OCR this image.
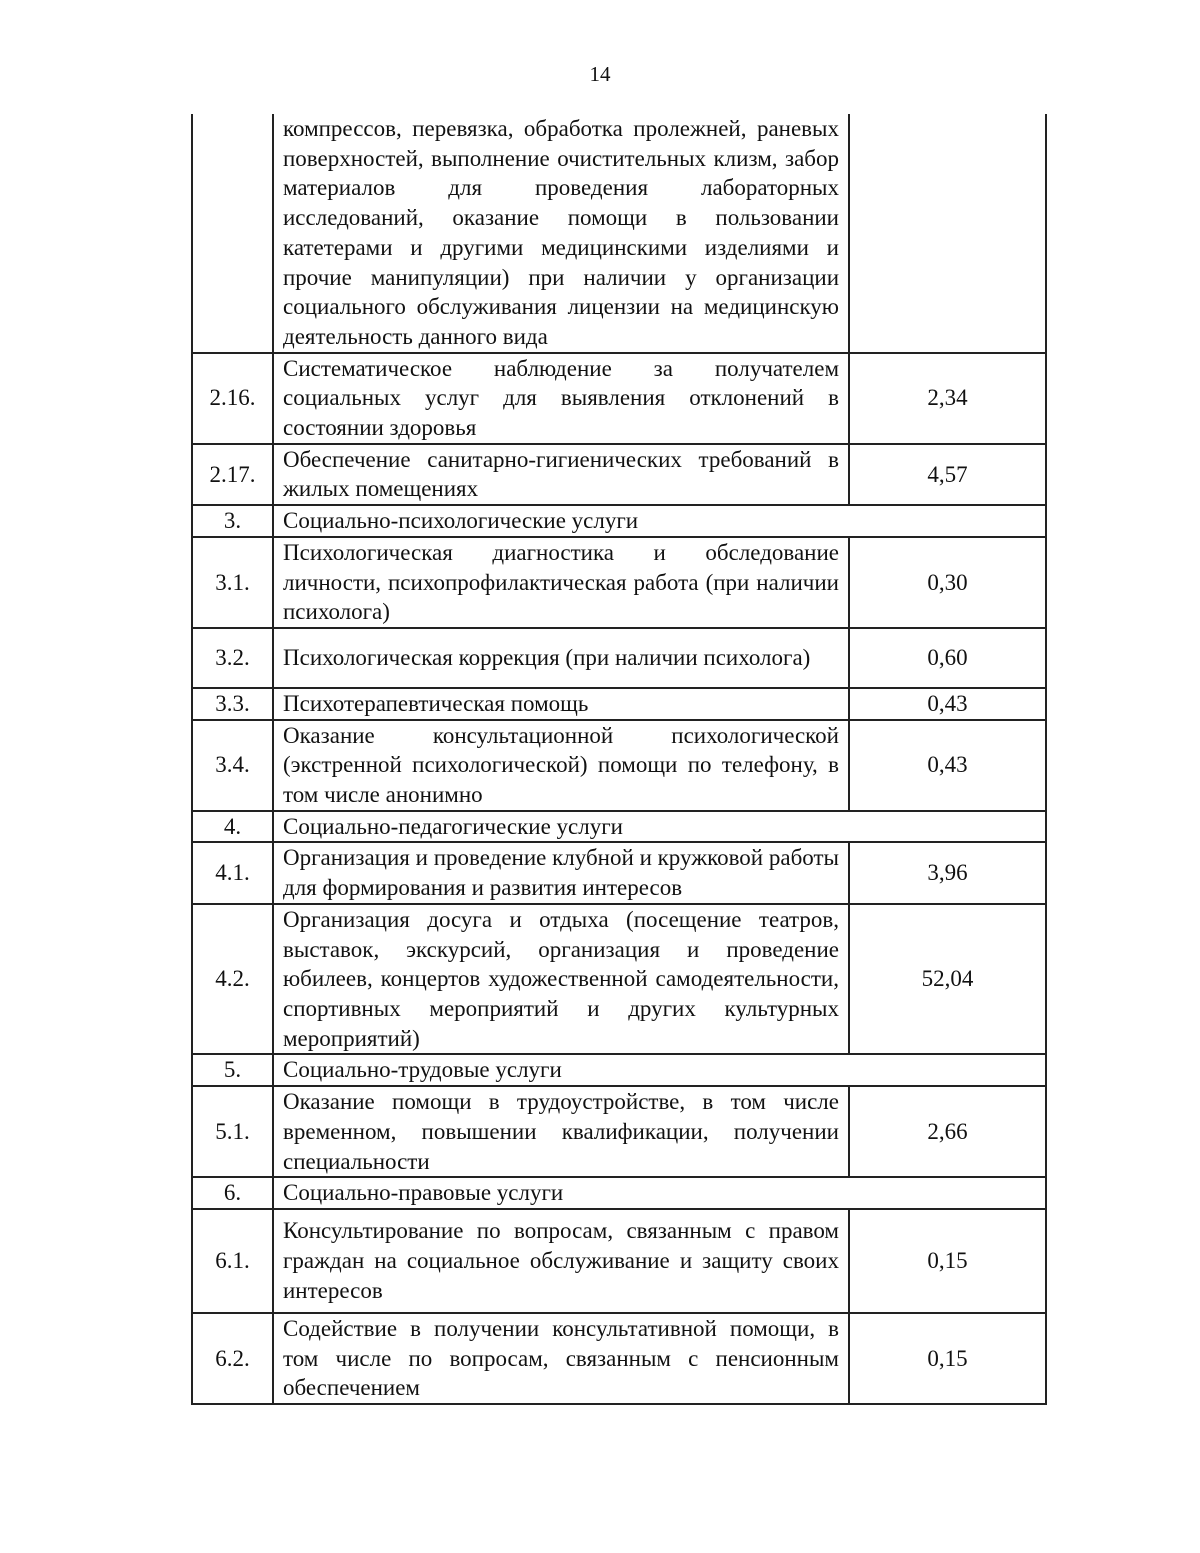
14
	компрессов, перевязка, обработка пролежней, раневых поверхностей, выполнение очистительных клизм, забор материалов для проведения лабораторных исследований, оказание помощи в пользовании катетерами и другими медицинскими изделиями и прочие манипуляции) при наличии у организации социального обслуживания лицензии на медицинскую деятельность данного вида	
2.16.	Систематическое наблюдение за получателем социальных услуг для выявления отклонений в состоянии здоровья	2,34
2.17.	Обеспечение санитарно-гигиенических требований в жилых помещениях	4,57
3.	Социально-психологические услуги	
3.1.	Психологическая диагностика и обследование личности, психопрофилактическая работа (при наличии психолога)	0,30
3.2.	Психологическая коррекция (при наличии психолога)	0,60
3.3.	Психотерапевтическая помощь	0,43
3.4.	Оказание консультационной психологической (экстренной психологической) помощи по телефону, в том числе анонимно	0,43
4.	Социально-педагогические услуги	
4.1.	Организация и проведение клубной и кружковой работы для формирования и развития интересов	3,96
4.2.	Организация досуга и отдыха (посещение театров, выставок, экскурсий, организация и проведение юбилеев, концертов художественной самодеятельности, спортивных мероприятий и других культурных мероприятий)	52,04
5.	Социально-трудовые услуги	
5.1.	Оказание помощи в трудоустройстве, в том числе временном, повышении квалификации, получении специальности	2,66
6.	Социально-правовые услуги	
6.1.	Консультирование по вопросам, связанным с правом граждан на социальное обслуживание и защиту своих интересов	0,15
6.2.	Содействие в получении консультативной помощи, в том числе по вопросам, связанным с пенсионным обеспечением	0,15
